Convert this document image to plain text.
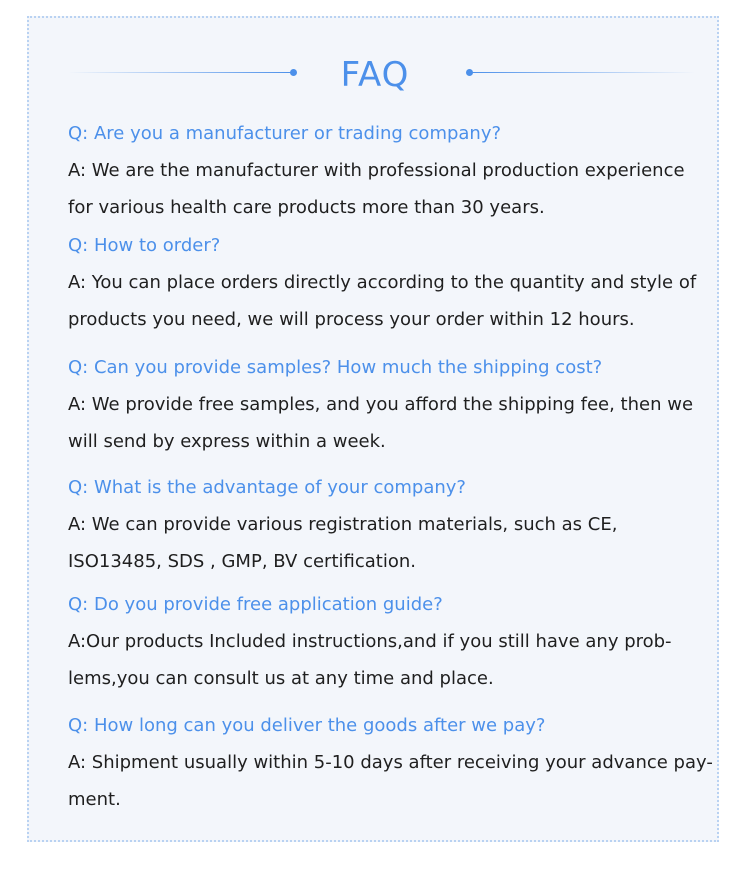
FAQ
Q: Are you a manufacturer or trading company?
A: We are the manufacturer with professional production experience
for various health care products more than 30 years.
Q: How to order?
A: You can place orders directly according to the quantity and style of
products you need, we will process your order within 12 hours.
Q: Can you provide samples? How much the shipping cost?
A: We provide free samples, and you afford the shipping fee, then we
will send by express within a week.
Q: What is the advantage of your company?
A: We can provide various registration materials, such as CE,
ISO13485, SDS , GMP, BV certification.
Q: Do you provide free application guide?
A:Our products Included instructions,and if you still have any prob-
lems,you can consult us at any time and place.
Q: How long can you deliver the goods after we pay?
A: Shipment usually within 5-10 days after receiving your advance pay-
ment.
